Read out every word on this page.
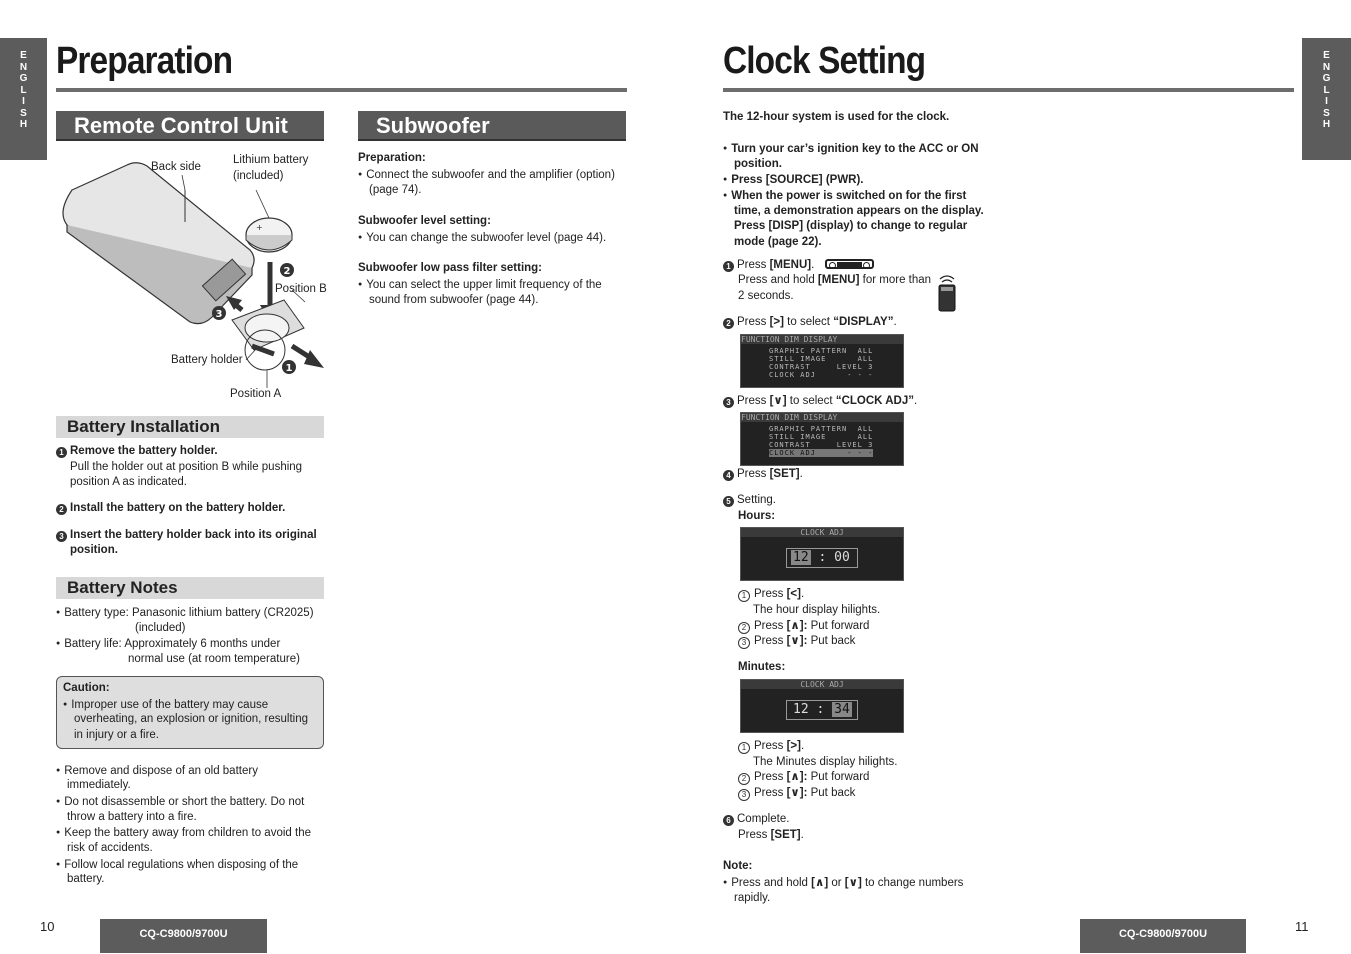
E
N
G
L
I
S
H
Preparation
Remote Control Unit	Subwoofer
+
2
3
1
Back side
Lithium battery
(included)
Position B
Battery holder
Position A
Battery Installation
1 Remove the battery holder.
Pull the holder out at position B while pushing
position A as indicated.
2 Install the battery on the battery holder.
3 Insert the battery holder back into its original
position.
Battery Notes
● Battery type: Panasonic lithium battery (CR2025)
(included)
● Battery life: Approximately 6 months under
normal use (at room temperature)
Caution:
● Improper use of the battery may cause
overheating, an explosion or ignition, resulting
in injury or a fire.
● Remove and dispose of an old battery
immediately.
● Do not disassemble or short the battery. Do not
throw a battery into a fire.
● Keep the battery away from children to avoid the
risk of accidents.
● Follow local regulations when disposing of the
battery.
Preparation:
● Connect the subwoofer and the amplifier (option)
(page 74).
Subwoofer level setting:
● You can change the subwoofer level (page 44).
Subwoofer low pass filter setting:
● You can select the upper limit frequency of the
sound from subwoofer (page 44).
10	CQ-C9800/9700U
E
N
G
L
I
S
H
Clock Setting
The 12-hour system is used for the clock.
● Turn your car’s ignition key to the ACC or ON
position.
● Press [SOURCE] (PWR).
● When the power is switched on for the first
time, a demonstration appears on the display.
Press [DISP] (display) to change to regular
mode (page 22).
1 Press [MENU].
Press and hold [MENU] for more than
2 seconds.
2 Press [>] to select “DISPLAY”.
FUNCTION DIM DISPLAY
GRAPHIC PATTERN  ALL
STILL IMAGE      ALL
CONTRAST     LEVEL 3
CLOCK ADJ      - - -
3 Press [∨] to select “CLOCK ADJ”.
FUNCTION DIM DISPLAY
GRAPHIC PATTERN  ALL
STILL IMAGE      ALL
CONTRAST     LEVEL 3
CLOCK ADJ      - - -
4 Press [SET].
5 Setting.
Hours:
CLOCK ADJ
12 : 00
1 Press [<].
The hour display hilights.
2 Press [∧]: Put forward
3 Press [∨]: Put back
Minutes:
CLOCK ADJ
12 : 34
1 Press [>].
The Minutes display hilights.
2 Press [∧]: Put forward
3 Press [∨]: Put back
6 Complete.
Press [SET].
Note:
● Press and hold [∧] or [∨] to change numbers
rapidly.
CQ-C9800/9700U	11
